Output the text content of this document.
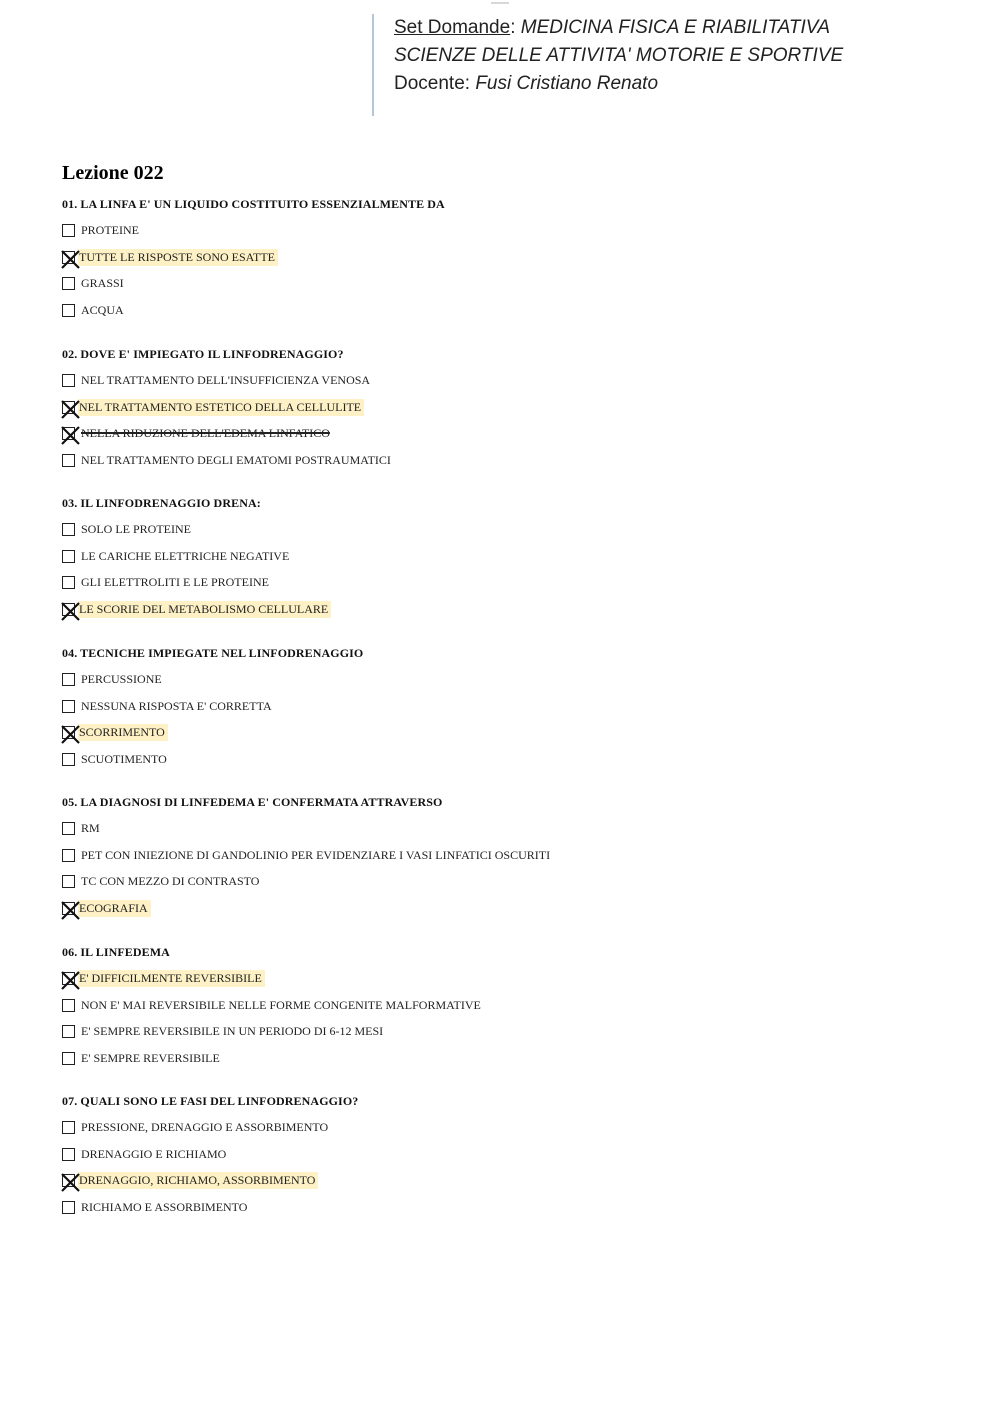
Set Domande: MEDICINA FISICA E RIABILITATIVA
SCIENZE DELLE ATTIVITA' MOTORIE E SPORTIVE
Docente: Fusi Cristiano Renato
Lezione 022
01. LA LINFA E' UN LIQUIDO COSTITUITO ESSENZIALMENTE DA
PROTEINE
TUTTE LE RISPOSTE SONO ESATTE
GRASSI
ACQUA
02. DOVE E' IMPIEGATO IL LINFODRENAGGIO?
NEL TRATTAMENTO DELL'INSUFFICIENZA VENOSA
NEL TRATTAMENTO ESTETICO DELLA CELLULITE
NELLA RIDUZIONE DELL'EDEMA LINFATICO
NEL TRATTAMENTO DEGLI EMATOMI POSTRAUMATICI
03. IL LINFODRENAGGIO DRENA:
SOLO LE PROTEINE
LE CARICHE ELETTRICHE NEGATIVE
GLI ELETTROLITI E LE PROTEINE
LE SCORIE DEL METABOLISMO CELLULARE
04. TECNICHE IMPIEGATE NEL LINFODRENAGGIO
PERCUSSIONE
NESSUNA RISPOSTA E' CORRETTA
SCORRIMENTO
SCUOTIMENTO
05. LA DIAGNOSI DI LINFEDEMA E' CONFERMATA ATTRAVERSO
RM
PET CON INIEZIONE DI GANDOLINIO PER EVIDENZIARE I VASI LINFATICI OSCURITI
TC CON MEZZO DI CONTRASTO
ECOGRAFIA
06. IL LINFEDEMA
E' DIFFICILMENTE REVERSIBILE
NON E' MAI REVERSIBILE NELLE FORME CONGENITE MALFORMATIVE
E' SEMPRE REVERSIBILE IN UN PERIODO DI 6-12 MESI
E' SEMPRE REVERSIBILE
07. QUALI SONO LE FASI DEL LINFODRENAGGIO?
PRESSIONE, DRENAGGIO E ASSORBIMENTO
DRENAGGIO E RICHIAMO
DRENAGGIO, RICHIAMO, ASSORBIMENTO
RICHIAMO E ASSORBIMENTO
